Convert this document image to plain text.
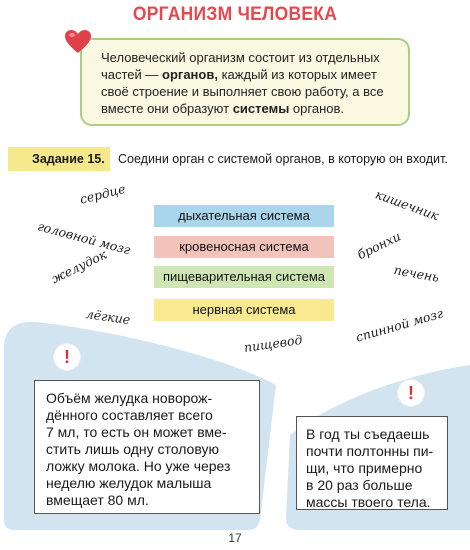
ОРГАНИЗМ ЧЕЛОВЕКА
Человеческий организм состоит из отдельных частей — органов, каждый из которых имеет своё строение и выполняет свою работу, а все вместе они образуют системы органов.
Задание 15.	Соедини орган с системой органов, в которую он входит.
дыхательная система
кровеносная система
пищеварительная система
нервная система
сердце
головной мозг
желудок
лёгкие
пищевод
кишечник
бронхи
печень
спинной мозг
!
Объём желудка новорож-
дённого составляет всего
7 мл, то есть он может вме-
стить лишь одну столовую
ложку молока. Но уже через
неделю желудок малыша
вмещает 80 мл.
!
В год ты съедаешь
почти полтонны пи-
щи, что примерно
в 20 раз больше
массы твоего тела.
17
